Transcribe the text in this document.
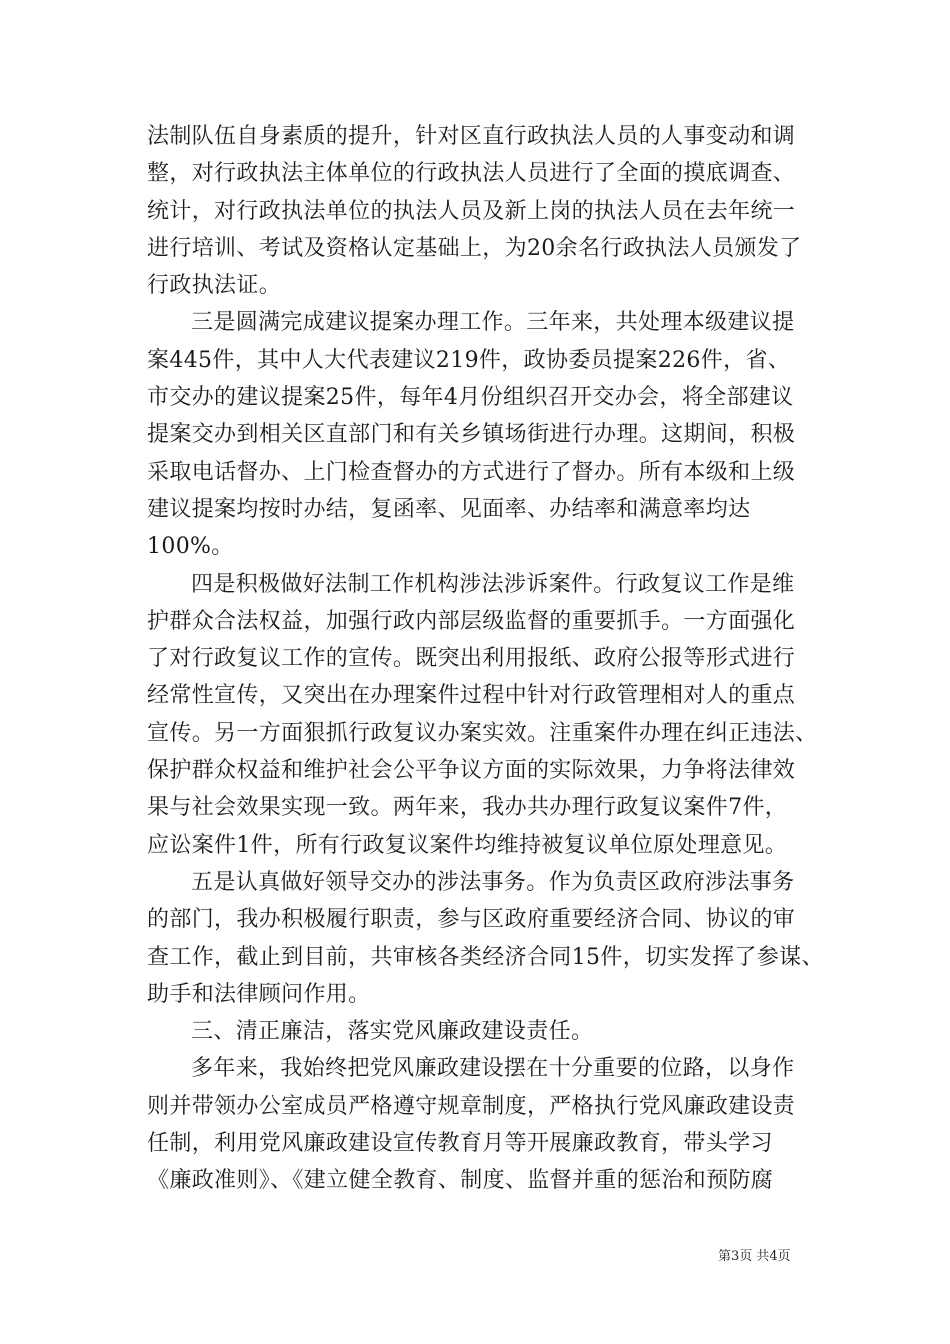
法制队伍自身素质的提升，针对区直行政执法人员的人事变动和调
整，对行政执法主体单位的行政执法人员进行了全面的摸底调查、
统计，对行政执法单位的执法人员及新上岗的执法人员在去年统一
进行培训、考试及资格认定基础上，为20余名行政执法人员颁发了
行政执法证。
三是圆满完成建议提案办理工作。三年来，共处理本级建议提
案445件，其中人大代表建议219件，政协委员提案226件，省、
市交办的建议提案25件，每年4月份组织召开交办会，将全部建议
提案交办到相关区直部门和有关乡镇场街进行办理。这期间，积极
采取电话督办、上门检查督办的方式进行了督办。所有本级和上级
建议提案均按时办结，复函率、见面率、办结率和满意率均达
100%。
四是积极做好法制工作机构涉法涉诉案件。行政复议工作是维
护群众合法权益，加强行政内部层级监督的重要抓手。一方面强化
了对行政复议工作的宣传。既突出利用报纸、政府公报等形式进行
经常性宣传，又突出在办理案件过程中针对行政管理相对人的重点
宣传。另一方面狠抓行政复议办案实效。注重案件办理在纠正违法、
保护群众权益和维护社会公平争议方面的实际效果，力争将法律效
果与社会效果实现一致。两年来，我办共办理行政复议案件7件，
应讼案件1件，所有行政复议案件均维持被复议单位原处理意见。
五是认真做好领导交办的涉法事务。作为负责区政府涉法事务
的部门，我办积极履行职责，参与区政府重要经济合同、协议的审
查工作，截止到目前，共审核各类经济合同15件，切实发挥了参谋、
助手和法律顾问作用。
三、清正廉洁，落实党风廉政建设责任。
多年来，我始终把党风廉政建设摆在十分重要的位路，以身作
则并带领办公室成员严格遵守规章制度，严格执行党风廉政建设责
任制，利用党风廉政建设宣传教育月等开展廉政教育，带头学习
《廉政准则》、《建立健全教育、制度、监督并重的惩治和预防腐
第3页 共4页
